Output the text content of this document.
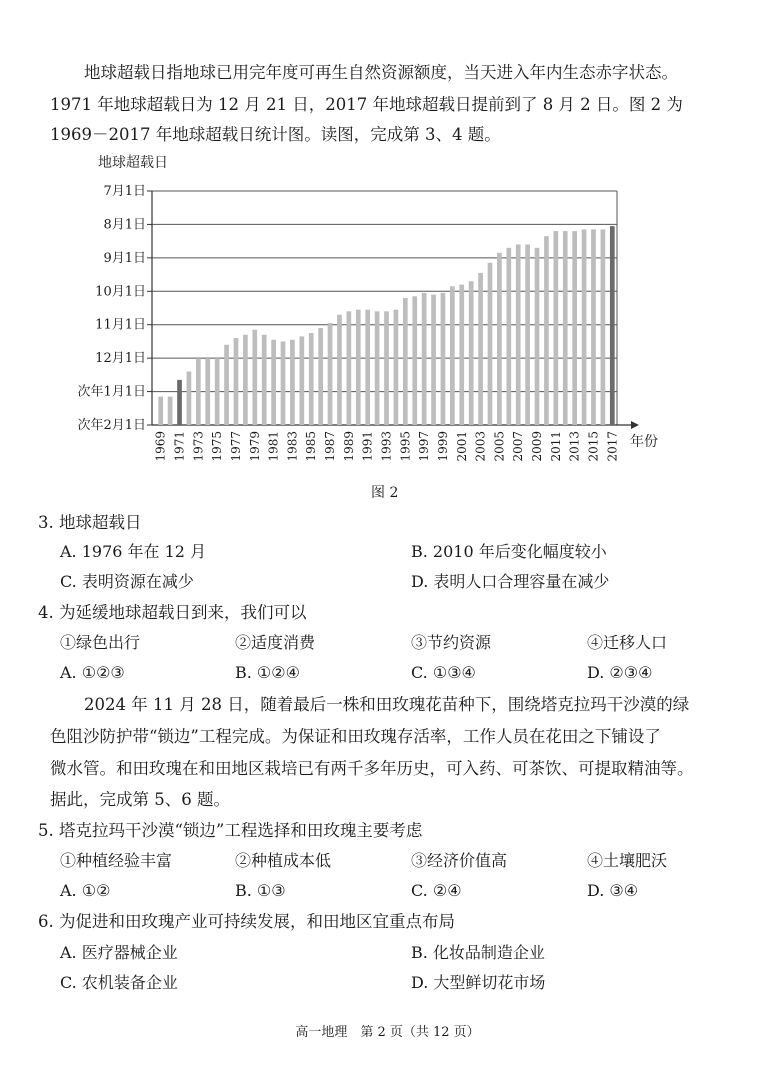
地球超载日指地球已用完年度可再生自然资源额度，当天进入年内生态赤字状态。
1971 年地球超载日为 12 月 21 日，2017 年地球超载日提前到了 8 月 2 日。图 2 为
1969－2017 年地球超载日统计图。读图，完成第 3、4 题。
7月1日
8月1日
9月1日
10月1日
11月1日
12月1日
次年1月1日
次年2月1日
地球超载日
年份
1969 1971 1973 1975 1977 1979 1981 1983 1985 1987 1989 1991 1993 1995 1997 1999 2001 2003 2005 2007 2009 2011 2013 2015 2017
图 2
3. 地球超载日
A. 1976 年在 12 月	B. 2010 年后变化幅度较小
C. 表明资源在减少	D. 表明人口合理容量在减少
4. 为延缓地球超载日到来，我们可以
①绿色出行	②适度消费	③节约资源	④迁移人口
A. ①②③	B. ①②④	C. ①③④	D. ②③④
2024 年 11 月 28 日，随着最后一株和田玫瑰花苗种下，围绕塔克拉玛干沙漠的绿
色阻沙防护带“锁边”工程完成。为保证和田玫瑰存活率，工作人员在花田之下铺设了
微水管。和田玫瑰在和田地区栽培已有两千多年历史，可入药、可茶饮、可提取精油等。
据此，完成第 5、6 题。
5. 塔克拉玛干沙漠“锁边”工程选择和田玫瑰主要考虑
①种植经验丰富	②种植成本低	③经济价值高	④土壤肥沃
A. ①②	B. ①③	C. ②④	D. ③④
6. 为促进和田玫瑰产业可持续发展，和田地区宜重点布局
A. 医疗器械企业	B. 化妆品制造企业
C. 农机装备企业	D. 大型鲜切花市场
高一地理　第 2 页（共 12 页）
